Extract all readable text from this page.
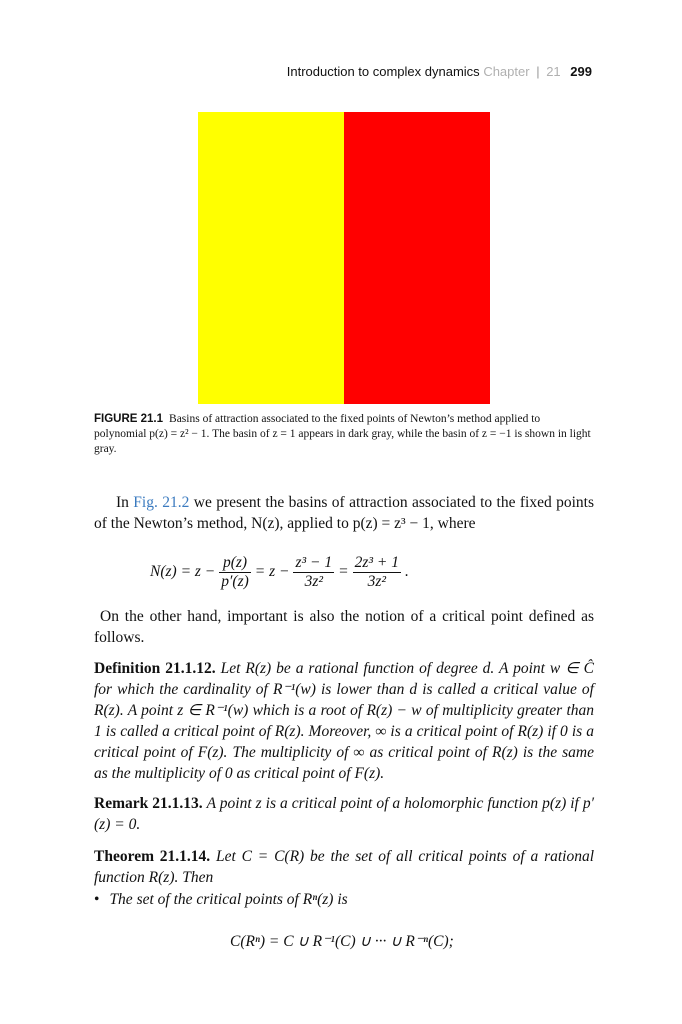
Introduction to complex dynamics Chapter | 21 299
FIGURE 21.1 Basins of attraction associated to the fixed points of Newton’s method applied to polynomial p(z) = z² − 1. The basin of z = 1 appears in dark gray, while the basin of z = −1 is shown in light gray.
In Fig. 21.2 we present the basins of attraction associated to the fixed points of the Newton’s method, N(z), applied to p(z) = z³ − 1, where
$N(z) = z - \frac{p(z)}{p'(z)} = z - \frac{\text{z³ − 1}}{\text{3z²}} = \frac{\text{2z³ + 1}}{\text{3z²}}$ .
On the other hand, important is also the notion of a critical point defined as follows.
Definition 21.1.12. Let R(z) be a rational function of degree d. A point w ∈ Ĉ for which the cardinality of R⁻¹(w) is lower than d is called a critical value of R(z). A point z ∈ R⁻¹(w) which is a root of R(z) − w of multiplicity greater than 1 is called a critical point of R(z). Moreover, ∞ is a critical point of R(z) if 0 is a critical point of F(z). The multiplicity of ∞ as critical point of R(z) is the same as the multiplicity of 0 as critical point of F(z).
Remark 21.1.13. A point z is a critical point of a holomorphic function p(z) if p′(z) = 0.
Theorem 21.1.14. Let C = C(R) be the set of all critical points of a rational function R(z). Then
• The set of the critical points of Rⁿ(z) is
C(Rⁿ) = C ∪ R⁻¹(C) ∪ ··· ∪ R⁻ⁿ(C);
